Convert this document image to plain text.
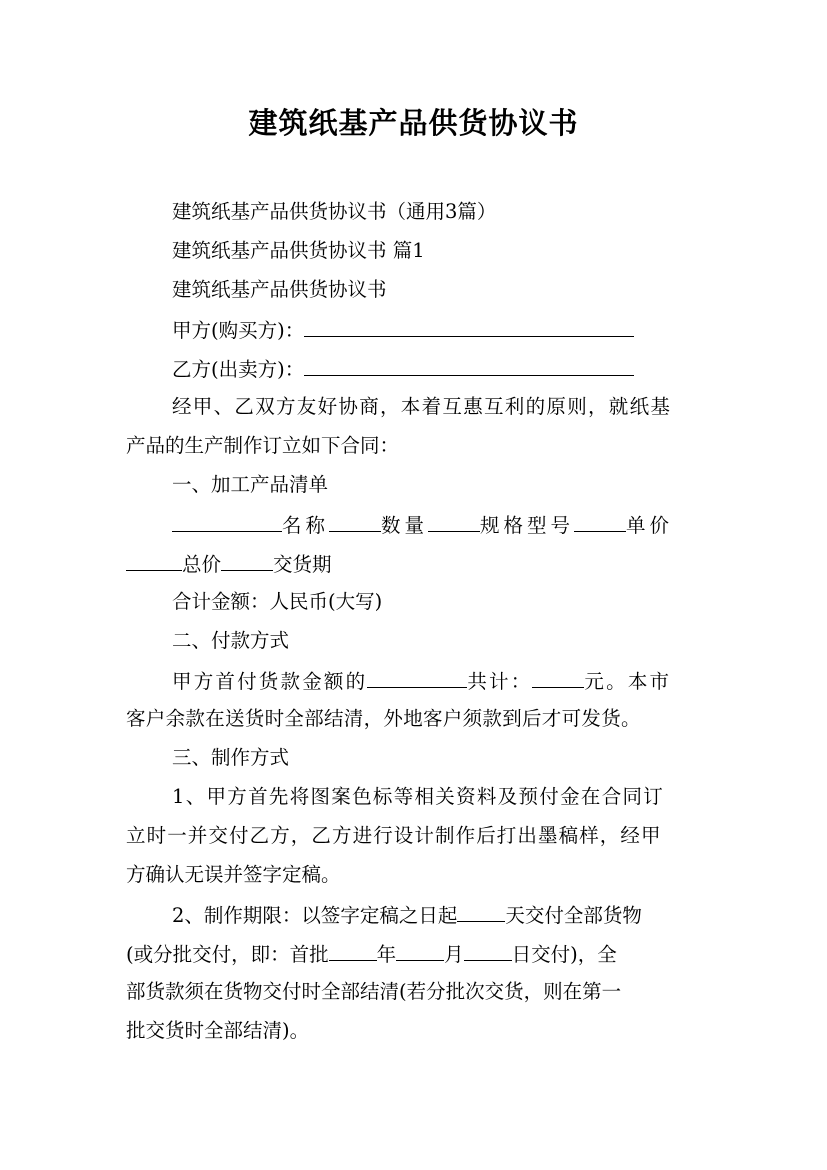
建筑纸基产品供货协议书
建筑纸基产品供货协议书（通用3篇）
建筑纸基产品供货协议书 篇1
建筑纸基产品供货协议书
甲方(购买方)：
乙方(出卖方)：
经甲、乙双方友好协商，本着互惠互利的原则，就纸基
产品的生产制作订立如下合同：
一、加工产品清单
名称	数量	规格型号	单价
总价	交货期
合计金额：人民币(大写)
二、付款方式
甲方首付货款金额的	共计：	元。本市
客户余款在送货时全部结清，外地客户须款到后才可发货。
三、制作方式
1、甲方首先将图案色标等相关资料及预付金在合同订
立时一并交付乙方，乙方进行设计制作后打出墨稿样，经甲
方确认无误并签字定稿。
2、制作期限：以签字定稿之日起 天交付全部货物
(或分批交付，即：首批 年 月 日交付)，全
部货款须在货物交付时全部结清(若分批次交货，则在第一
批交货时全部结清)。
